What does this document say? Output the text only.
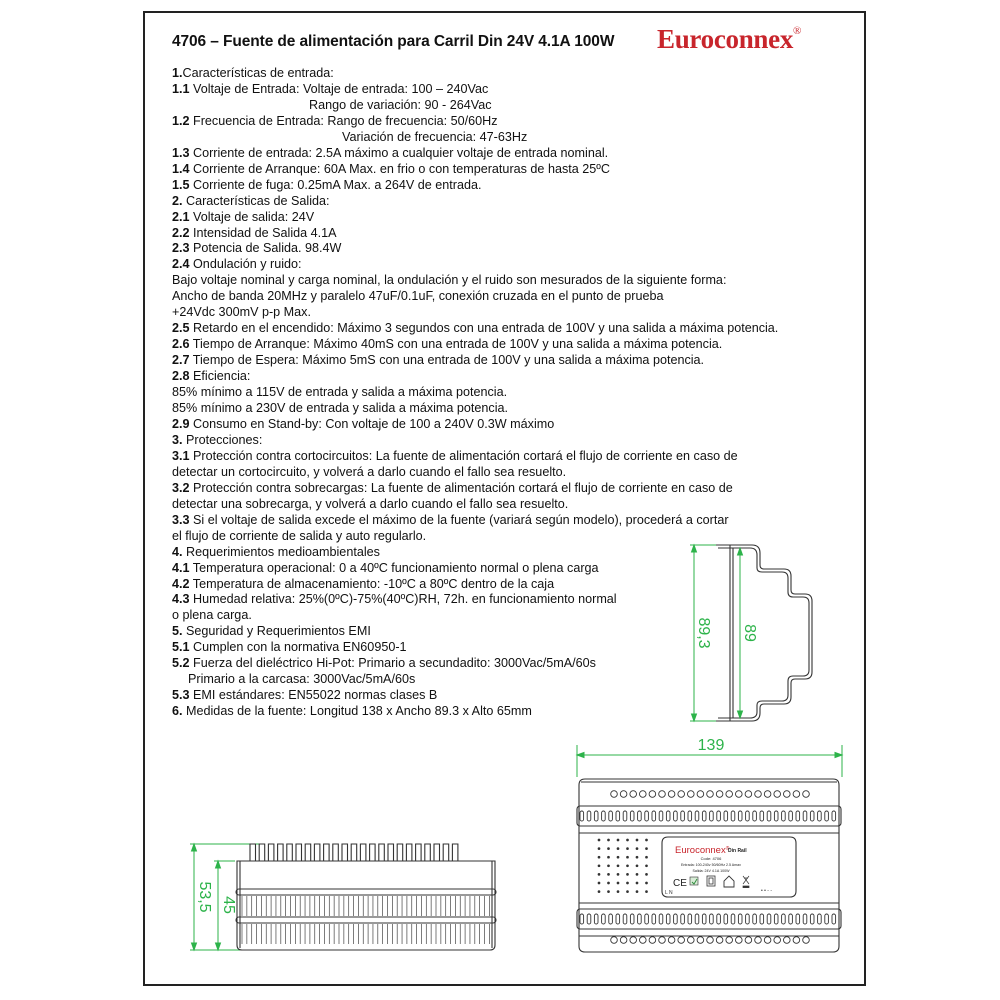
4706 – Fuente de alimentación para Carril Din 24V 4.1A 100W Euroconnex®
1.Características de entrada:
1.1 Voltaje de Entrada: Voltaje de entrada: 100 – 240Vac
Rango de variación: 90 - 264Vac
1.2 Frecuencia de Entrada: Rango de frecuencia: 50/60Hz
Variación de frecuencia: 47-63Hz
1.3 Corriente de entrada: 2.5A máximo a cualquier voltaje de entrada nominal.
1.4 Corriente de Arranque: 60A Max. en frio o con temperaturas de hasta 25ºC
1.5 Corriente de fuga: 0.25mA Max. a 264V de entrada.
2. Características de Salida:
2.1 Voltaje de salida: 24V
2.2 Intensidad de Salida 4.1A
2.3 Potencia de Salida. 98.4W
2.4 Ondulación y ruido:
Bajo voltaje nominal y carga nominal, la ondulación y el ruido son mesurados de la siguiente forma:
Ancho de banda 20MHz y paralelo 47uF/0.1uF, conexión cruzada en el punto de prueba
+24Vdc 300mV p-p Max.
2.5 Retardo en el encendido: Máximo 3 segundos con una entrada de 100V y una salida a máxima potencia.
2.6 Tiempo de Arranque: Máximo 40mS con una entrada de 100V y una salida a máxima potencia.
2.7 Tiempo de Espera: Máximo 5mS con una entrada de 100V y una salida a máxima potencia.
2.8 Eficiencia:
85% mínimo a 115V de entrada y salida a máxima potencia.
85% mínimo a 230V de entrada y salida a máxima potencia.
2.9 Consumo en Stand-by: Con voltaje de 100 a 240V 0.3W máximo
3. Protecciones:
3.1 Protección contra cortocircuitos: La fuente de alimentación cortará el flujo de corriente en caso de
detectar un cortocircuito, y volverá a darlo cuando el fallo sea resuelto.
3.2 Protección contra sobrecargas: La fuente de alimentación cortará el flujo de corriente en caso de
detectar una sobrecarga, y volverá a darlo cuando el fallo sea resuelto.
3.3 Si el voltaje de salida excede el máximo de la fuente (variará según modelo), procederá a cortar
el flujo de corriente de salida y auto regularlo.
4. Requerimientos medioambientales
4.1 Temperatura operacional: 0 a 40ºC funcionamiento normal o plena carga
4.2 Temperatura de almacenamiento: -10ºC a 80ºC dentro de la caja
4.3 Humedad relativa: 25%(0ºC)-75%(40ºC)RH, 72h. en funcionamiento normal
o plena carga.
5. Seguridad y Requerimientos EMI
5.1 Cumplen con la normativa EN60950-1
5.2 Fuerza del dieléctrico Hi-Pot: Primario a secundadito: 3000Vac/5mA/60s
Primario a la carcasa: 3000Vac/5mA/60s
5.3 EMI estándares: EN55022 normas clases B
6. Medidas de la fuente: Longitud 138 x Ancho 89.3 x Alto 65mm
89,3 89
139
Euroconnex®
Din Rail
Code: 4706
Entrada: 100-240v 50/60Hz 2.5 Amax
Salida: 24V 4.1A 100W
L N
CE
• • - -
53,5 45
